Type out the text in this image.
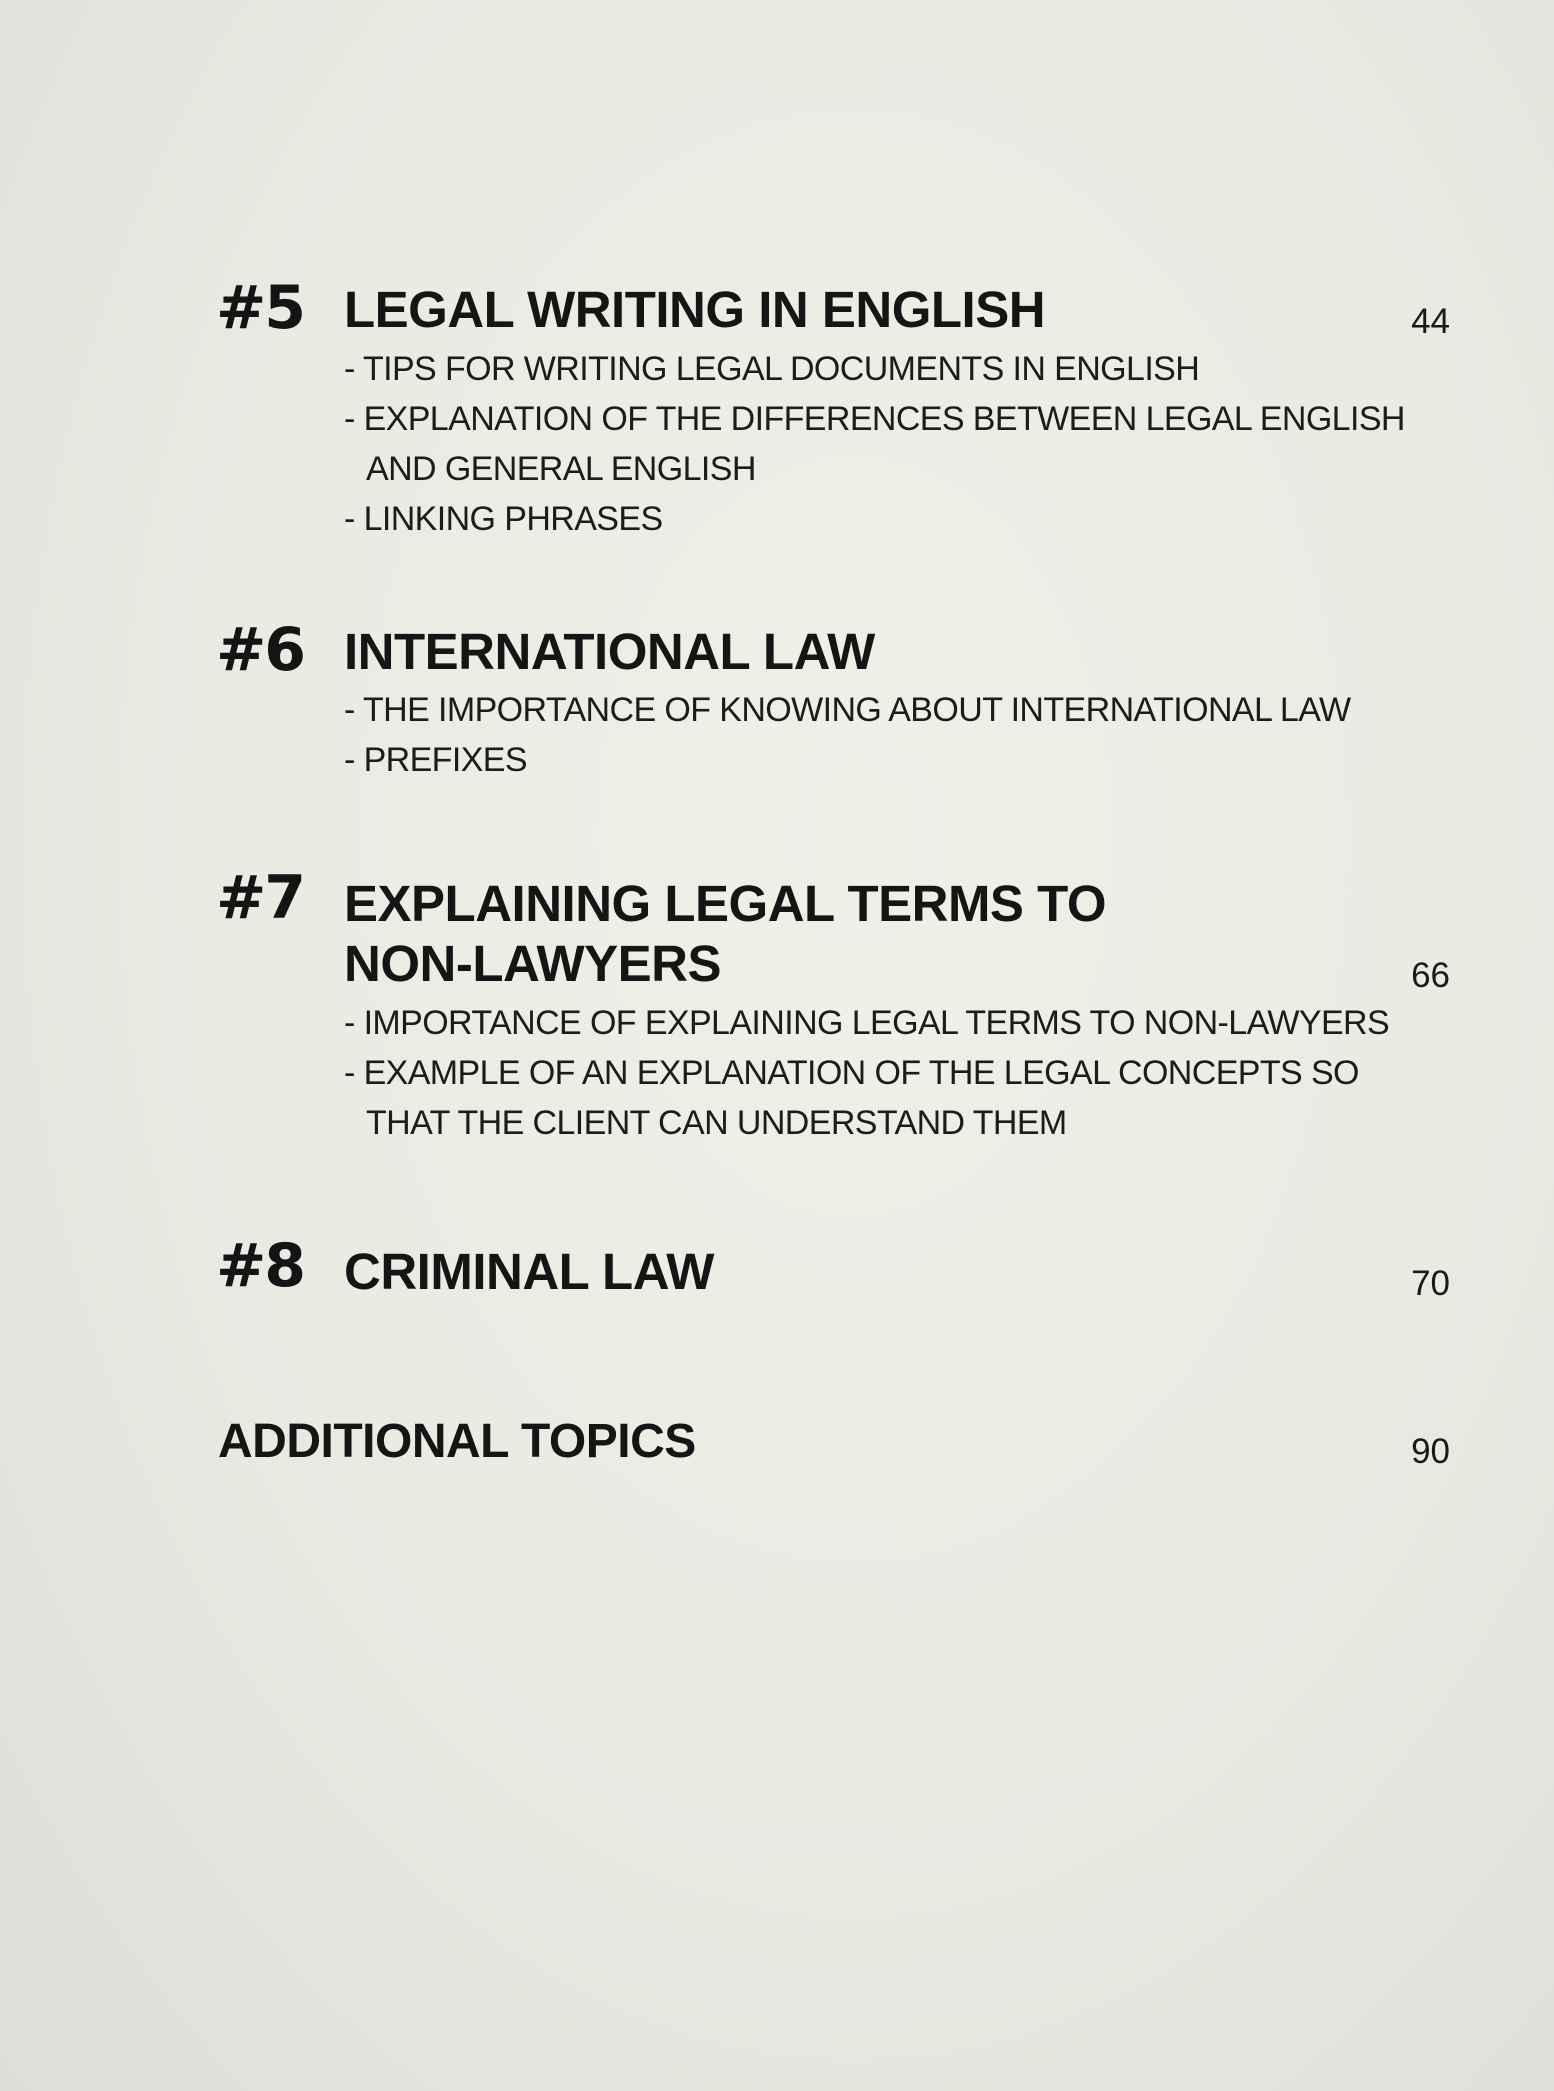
#5 LEGAL WRITING IN ENGLISH	44
- TIPS FOR WRITING LEGAL DOCUMENTS IN ENGLISH
- EXPLANATION OF THE DIFFERENCES BETWEEN LEGAL ENGLISH AND GENERAL ENGLISH
- LINKING PHRASES
#6 INTERNATIONAL LAW
- THE IMPORTANCE OF KNOWING ABOUT INTERNATIONAL LAW
- PREFIXES
#7 EXPLAINING LEGAL TERMS TO
NON-LAWYERS	66
- IMPORTANCE OF EXPLAINING LEGAL TERMS TO NON-LAWYERS
- EXAMPLE OF AN EXPLANATION OF THE LEGAL CONCEPTS SO THAT THE CLIENT CAN UNDERSTAND THEM
#8 CRIMINAL LAW	70
ADDITIONAL TOPICS	90
